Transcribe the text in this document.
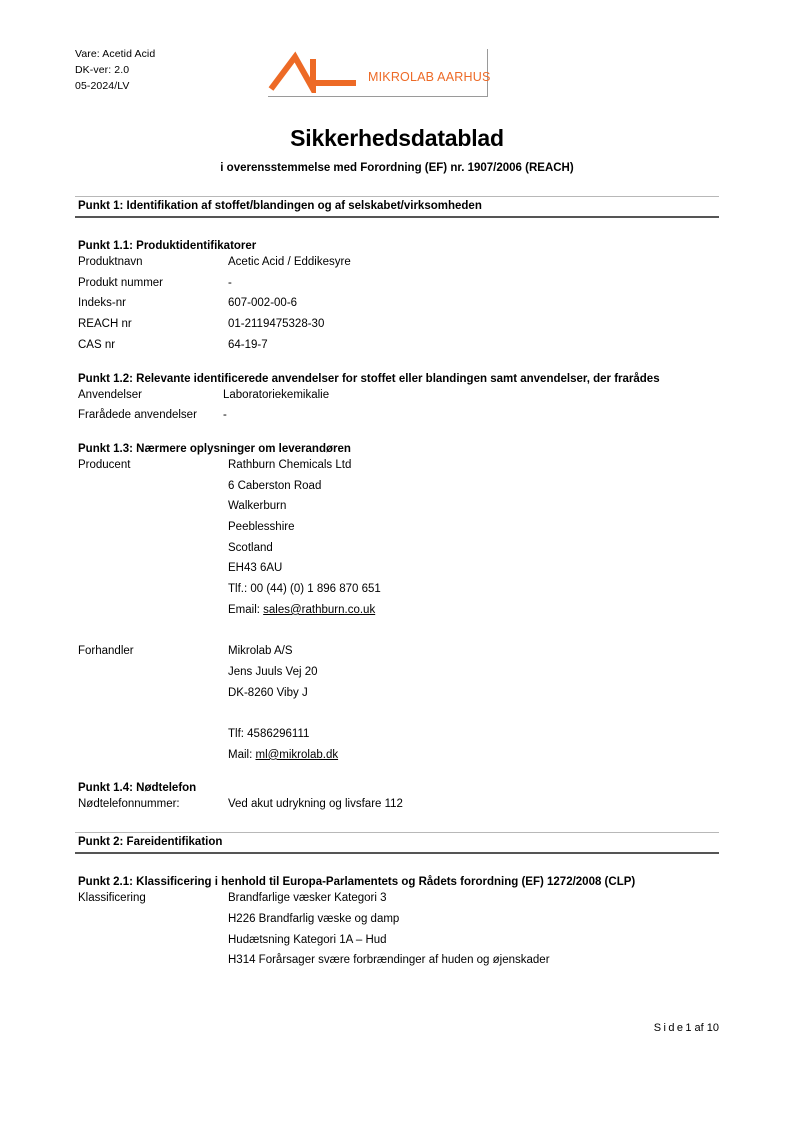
Vare: Acetid Acid
DK-ver: 2.0
05-2024/LV
MIKROLAB AARHUS
Sikkerhedsdatablad
i overensstemmelse med Forordning (EF) nr. 1907/2006 (REACH)
Punkt 1: Identifikation af stoffet/blandingen og af selskabet/virksomheden
Punkt 1.1: Produktidentifikatorer
Produktnavn	Acetic Acid / Eddikesyre
Produkt nummer	-
Indeks-nr	607-002-00-6
REACH nr	01-2119475328-30
CAS nr	64-19-7
Punkt 1.2: Relevante identificerede anvendelser for stoffet eller blandingen samt anvendelser, der frarådes
Anvendelser	Laboratoriekemikalie
Frarådede anvendelser	-
Punkt 1.3: Nærmere oplysninger om leverandøren
Producent	Rathburn Chemicals Ltd
6 Caberston Road
Walkerburn
Peeblesshire
Scotland
EH43 6AU
Tlf.: 00 (44) (0) 1 896 870 651
Email: sales@rathburn.co.uk
Forhandler	Mikrolab A/S
Jens Juuls Vej 20
DK-8260 Viby J
Tlf: 4586296111
Mail: ml@mikrolab.dk
Punkt 1.4: Nødtelefon
Nødtelefonnummer:	Ved akut udrykning og livsfare 112
Punkt 2: Fareidentifikation
Punkt 2.1: Klassificering i henhold til Europa-Parlamentets og Rådets forordning (EF) 1272/2008 (CLP)
Klassificering	Brandfarlige væsker Kategori 3
H226 Brandfarlig væske og damp
Hudætsning Kategori 1A – Hud
H314 Forårsager svære forbrændinger af huden og øjenskader
Side1 af 10
